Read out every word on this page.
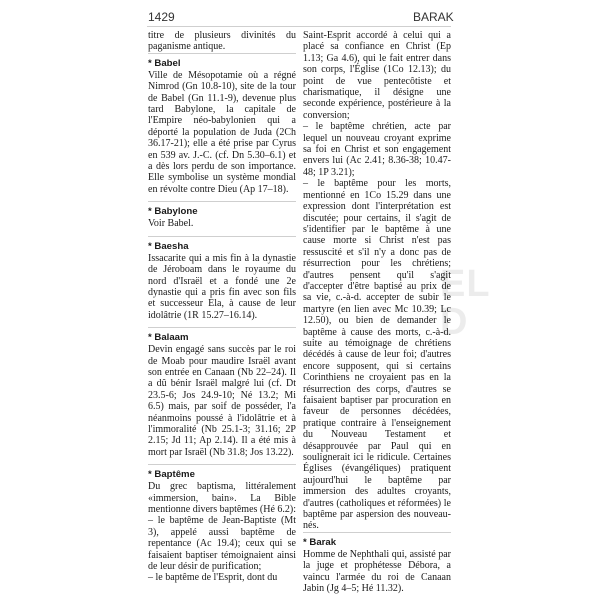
1429	BARAK

titre de plusieurs divinités du paganisme antique.

* Babel

Ville de Mésopotamie où a régné Nimrod (Gn 10.8-10), site de la tour de Babel (Gn 11.1-9), devenue plus tard Babylone, la capitale de l'Empire néo-babylonien qui a déporté la population de Juda (2Ch 36.17-21); elle a été prise par Cyrus en 539 av. J.-C. (cf. Dn 5.30–6.1) et a dès lors perdu de son importance. Elle symbolise un système mondial en révolte contre Dieu (Ap 17–18).

* Babylone

Voir Babel.

* Baesha

Issacarite qui a mis fin à la dynastie de Jéroboam dans le royaume du nord d'Israël et a fondé une 2e dynastie qui a pris fin avec son fils et successeur Ela, à cause de leur idolâtrie (1R 15.27–16.14).

* Balaam

Devin engagé sans succès par le roi de Moab pour maudire Israël avant son entrée en Canaan (Nb 22–24). Il a dû bénir Israël malgré lui (cf. Dt 23.5-6; Jos 24.9-10; Né 13.2; Mi 6.5) mais, par soif de posséder, l'a néanmoins poussé à l'idolâtrie et à l'immoralité (Nb 25.1-3; 31.16; 2P 2.15; Jd 11; Ap 2.14). Il a été mis à mort par Israël (Nb 31.8; Jos 13.22).

* Baptême

Du grec baptisma, littéralement «immersion, bain». La Bible mentionne divers baptêmes (Hé 6.2):

– le baptême de Jean-Baptiste (Mt 3), appelé aussi baptême de repentance (Ac 19.4); ceux qui se faisaient baptiser témoignaient ainsi de leur désir de purification;

– le baptême de l'Esprit, dont du

Saint-Esprit accordé à celui qui a placé sa confiance en Christ (Ep 1.13; Ga 4.6), qui le fait entrer dans son corps, l'Église (1Co 12.13); du point de vue pentecôtiste et charismatique, il désigne une seconde expérience, postérieure à la conversion;

– le baptême chrétien, acte par lequel un nouveau croyant exprime sa foi en Christ et son engagement envers lui (Ac 2.41; 8.36-38; 10.47-48; 1P 3.21);

– le baptême pour les morts, mentionné en 1Co 15.29 dans une expression dont l'interprétation est discutée; pour certains, il s'agit de s'identifier par le baptême à une cause morte si Christ n'est pas ressuscité et s'il n'y a donc pas de résurrection pour les chrétiens; d'autres pensent qu'il s'agit d'accepter d'être baptisé au prix de sa vie, c.-à-d. accepter de subir le martyre (en lien avec Mc 10.39; Lc 12.50), ou bien de demander le baptême à cause des morts, c.-à-d. suite au témoignage de chrétiens décédés à cause de leur foi; d'autres encore supposent, qui si certains Corinthiens ne croyaient pas en la résurrection des corps, d'autres se faisaient baptiser par procuration en faveur de personnes décédées, pratique contraire à l'enseignement du Nouveau Testament et désapprouvée par Paul qui en soulignerait ici le ridicule. Certaines Églises (évangéliques) pratiquent aujourd'hui le baptême par immersion des adultes croyants, d'autres (catholiques et réformées) le baptême par aspersion des nouveau-nés.

* Barak

Homme de Nephthali qui, assisté par la juge et prophétesse Débora, a vaincu l'armée du roi de Canaan Jabin (Jg 4–5; Hé 11.32).

EL
D
